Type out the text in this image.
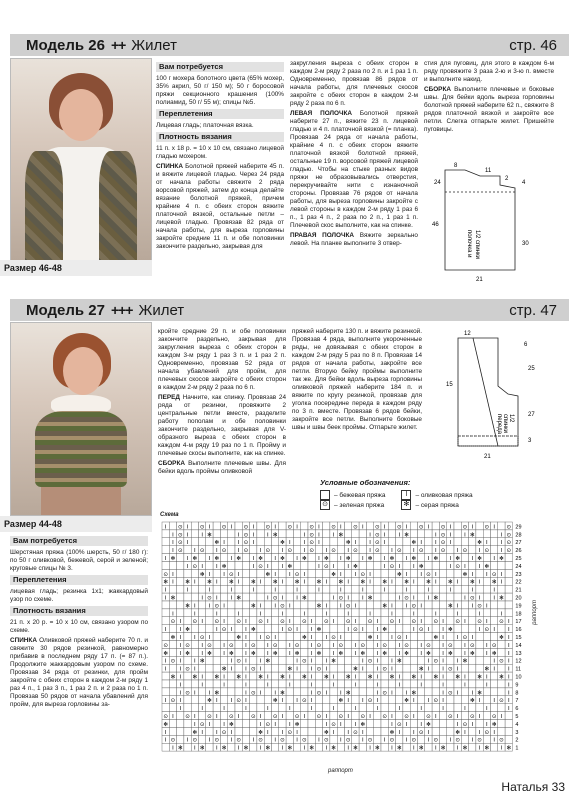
Модель 26 ++ Жилет	стр. 46
Размер 46-48
Вам потребуется

100 г мохера болотного цвета (65% мохер, 35% акрил, 50 г/ 150 м); 50 г боросовой пряжи секционного крашения (100% полиамид, 50 г/ 55 м); спицы №5.

Переплетения

Лицевая гладь; платочная вязка.

Плотность вязания

11 п. х 18 р. = 10 х 10 см, связано лицевой гладью мохером.

СПИНКА Болотной пряжей наберите 45 п. и вяжите лицевой гладью. Через 24 ряда от начала работы свяжите 2 ряда ворсовой пряжей, затем до конца делайте вязание болотной пряжей, причем крайние 4 п. с обеих сторон вяжите платочной вязкой, остальные петли – лицевой гладью. Провязав 82 ряда от начала работы, для выреза горловины закройте средние 11 п. и обе половинки закончите раздельно, закрывая для

закругления выреза с обеих сторон в каждом 2-м ряду 2 раза по 2 п. и 1 раз 1 п. Одновременно, провязав 86 рядов от начала работы, для плечевых скосов закройте с обеих сторон в каждом 2-м ряду 2 раза по 6 п.

ЛЕВАЯ ПОЛОЧКА Болотной пряжей наберите 27 п., вяжите 23 п. лицевой гладью и 4 п. платочной вязкой (= планка). Провязав 24 ряда от начала работы, крайние 4 п. с обеих сторон вяжите платочной вязкой болотной пряжей, остальные 19 п. ворсовой пряжей лицевой гладью. Чтобы на стыке разных видов пряжи не образовывались отверстия, перекручивайте нити с изнаночной стороны. Провязав 76 рядов от начала работы, для выреза горловины закройте с левой стороны в каждом 2-м ряду 1 раз 6 п., 1 раз 4 п., 2 раза по 2 п., 1 раз 1 п. Плечевой скос выполните, как на спинке.

ПРАВАЯ ПОЛОЧКА Вяжите зеркально левой. На планке выполните 3 отвер-

стия для пуговиц, для этого в каждом 6-м ряду провяжите 3 раза 2-ю и 3-ю п. вместе и выполните накид.

СБОРКА Выполните плечевые и боковые швы. Для бейки вдоль выреза горловины болотной пряжей наберите 62 п., свяжите 8 рядов платочной вязкой и закройте все петли. Слегка отпарьте жилет. Пришейте пуговицы.

полочка и 1/2 спинки
8
11
24
46
30
4
2
21
Модель 27 +++ Жилет	стр. 47
Размер 44-48
Вам потребуется

Шерстяная пряжа (100% шерсть, 50 г/ 180 г): по 50 г оливковой, бежевой, серой и зеленой; круговые спицы № 3.

Переплетения

лицевая гладь; резинка 1х1; жаккардовый узор по схеме.

Плотность вязания

21 п. х 20 р. = 10 х 10 см, связано узором по схеме.

СПИНКА Оливковой пряжей наберите 70 п. и свяжите 30 рядов резинкой, равномерно прибавив в последнем ряду 17 п. (= 87 п.). Продолжите жаккардовым узором по схеме. Провязав 34 ряда от резинки, для пройм закройте с обеих сторон в каждом 2-м ряду 1 раз 4 п., 1 раз 3 п., 1 раз 2 п. и 2 раза по 1 п. Провязав 50 рядов от начала убавлений для пройм, для выреза горловины за-

кройте средние 29 п. и обе половинки закончите раздельно, закрывая для закругления выреза с обеих сторон в каждом 3-м ряду 1 раз 3 п. и 1 раз 2 п. Одновременно, провязав 52 ряда от начала убавлений для пройм, для плечевых скосов закройте с обеих сторон в каждом 2-м ряду 2 раза по 6 п.

ПЕРЕД Начните, как спинку. Провязав 24 ряда от резинки, провяжите 2 центральные петли вместе, разделите работу пополам и обе половинки закончите раздельно, закрывая для V-образного выреза с обеих сторон в каждом 4-м ряду 19 раз по 1 п. Пройму и плечевые скосы выполните, как на спинке.

СБОРКА Выполните плечевые швы. Для бейки вдоль проймы оливковой

пряжей наберите 130 п. и вяжите резинкой. Провязав 4 ряда, выполните укороченные ряды, не довязывая с обеих сторон в каждом 2-м ряду 5 раз по 8 п. Провязав 14 рядов от начала работы, закройте все петли. Вторую бейку проймы выполните так же. Для бейки вдоль выреза горловины оливковой пряжей наберите 184 п. и вяжите по кругу резинкой, провязав для уголка посередине переда в каждом ряду по 3 п. вместе. Провязав 6 рядов бейки, закройте все петли. Выполните боковые швы и швы беек проймы. Отпарьте жилет.

1/2
спинки
переда
12
6
25
27
3
15
21
Условные обозначения:
– бежевая пряжа
⊙ – зеленая пряжа
I	– оливковая пряжа
✻ – серая пряжа
Схема
I ⊙ I ⊙ I ⊙ I ⊙ I ⊙ I ⊙ I ⊙ I ⊙ I ⊙ I ⊙ I ⊙ I ⊙ I ⊙ I ⊙ I ⊙ I ⊙ 29
I ⊙ I I ✻	I ⊙ I I ✻	I ⊙ I I ✻	I ⊙ I I ✻	I ⊙ I I ✻	I ⊙ 28
I ⊙ I	✻ I I ⊙ I	✻ I I ⊙ I	✻ I I ⊙ I	✻ I I ⊙ I	✻ I I ⊙ 27
I ⊙ I ⊙ I ⊙ I ⊙ I ⊙ I ⊙ I ⊙ I ⊙ I ⊙ I ⊙ I ⊙ I ⊙ I ⊙ I ⊙ I ⊙ I ⊙ 26
I ✻ I ✻ I ✻ I ✻ I ✻ I ✻ I ✻ I ✻ I ✻ I ✻ I ✻ I ✻ I ✻ I ✻ I ✻ I ✻ 25
I ⊙ I I ✻	I ⊙ I I ✻	I ⊙ I I ✻	I ⊙ I I ✻	I ⊙ I I ✻	24
⊙ I	✻ I I ⊙ I	✻ I I ⊙ I	✻ I I ⊙ I	✻ I I ⊙ I	✻ I I ⊙ I 23
✻ I ✻ I ✻ I ✻ I ✻ I ✻ I ✻ I ✻ I ✻ I ✻ I ✻ I ✻ I ✻ I ✻ I ✻ I ✻ I 22
I	I	I	I	I	I	I	I	I	I	I	I	I	I	I	I	21
I ✻	I ⊙ I I ✻	I ⊙ I I ✻	I ⊙ I I ✻	I ⊙ I I ✻	I ⊙ I I ✻ 20
✻ I I ⊙ I	✻ I I ⊙ I	✻ I I ⊙ I	✻ I I ⊙ I	✻ I I ⊙ I	19
I	I	I	I	I	I	I	I	I	I	I	I	I	I	I	I 18
⊙ I ⊙ I ⊙ I ⊙ I ⊙ I ⊙ I ⊙ I ⊙ I ⊙ I ⊙ I ⊙ I ⊙ I ⊙ I ⊙ I ⊙ I ⊙ I 17
I I ✻	I ⊙ I I ✻	I ⊙ I I ✻	I ⊙ I I ✻	I ⊙ I I ✻	I ⊙ I I 16
✻ I I ⊙ I	✻ I I ⊙ I	✻ I I ⊙ I	✻ I I ⊙ I	✻ I I ⊙ I	✻ I 15
⊙ I ⊙ I ⊙ I ⊙ I ⊙ I ⊙ I ⊙ I ⊙ I ⊙ I ⊙ I ⊙ I ⊙ I ⊙ I ⊙ I ⊙ I ⊙ I 14
✻ I ✻ I ✻ I ✻ I ✻ I ✻ I ✻ I ✻ I ✻ I ✻ I ✻ I ✻ I ✻ I ✻ I ✻ I ✻ I 13
I ⊙ I I ✻	I ⊙ I I ✻	I ⊙ I I ✻	I ⊙ I I ✻	I ⊙ I I ✻	I ⊙ I 12
I I ⊙ I	✻ I I ⊙ I	✻ I I ⊙ I	✻ I I ⊙ I	✻ I I ⊙ I	✻ I I 11
✻ I ✻ I ✻ I ✻ I ✻ I ✻ I ✻ I ✻ I ✻ I ✻ I ✻ I ✻ I ✻ I ✻ I ✻ I ✻ I 10
I	I	I	I	I	I	I	I	I	I	I	I	I	I	I	I 9
I ⊙ I I ✻	I ⊙ I I ✻	I ⊙ I I ✻	I ⊙ I I ✻	I ⊙ I I ✻	I 8
I ⊙ I	✻ I I ⊙ I	✻ I I ⊙ I	✻ I I ⊙ I	✻ I I ⊙ I	✻ I I ⊙ I 7
I	I	I	I	I	I	I	I	I	I	I	I	I	I	I	I 6
⊙ I ⊙ I ⊙ I ⊙ I ⊙ I ⊙ I ⊙ I ⊙ I ⊙ I ⊙ I ⊙ I ⊙ I ⊙ I ⊙ I ⊙ I ⊙ I 5
✻	I ⊙ I I ✻	I ⊙ I I ✻	I ⊙ I I ✻	I ⊙ I I ✻	I ⊙ I I ✻	4
I	✻ I I ⊙ I	✻ I I ⊙ I	✻ I I ⊙ I	✻ I I ⊙ I	✻ I I ⊙ I	3
I ⊙ I ⊙ I ⊙ I ⊙ I ⊙ I ⊙ I ⊙ I ⊙ I ⊙ I ⊙ I ⊙ I ⊙ I ⊙ I ⊙ I ⊙ I ⊙ 2
I ✻ I ✻ I ✻ I ✻ I ✻ I ✻ I ✻ I ✻ I ✻ I ✻ I ✻ I ✻ I ✻ I ✻ I ✻ I ✻ 1
раппорт
раппорт
Наталья 33
